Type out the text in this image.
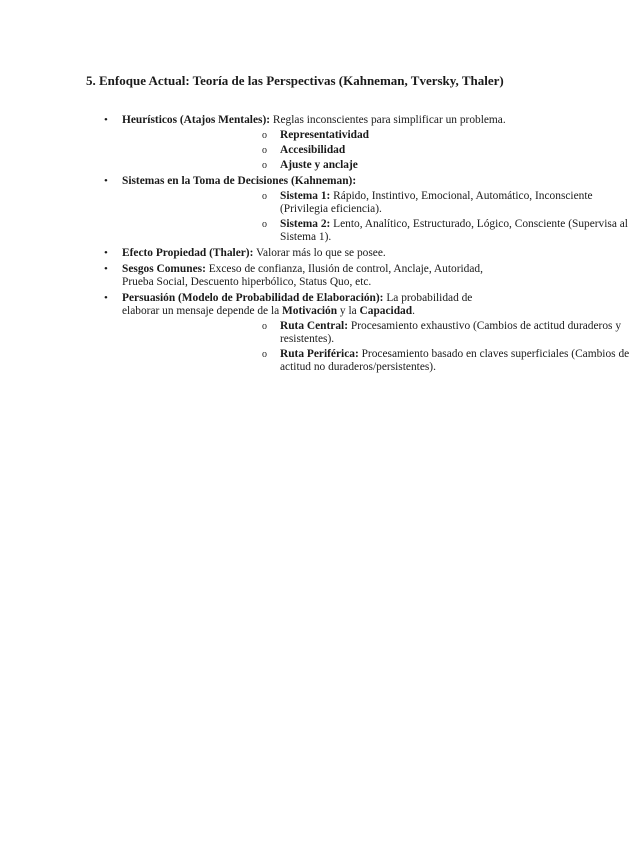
5. Enfoque Actual: Teoría de las Perspectivas (Kahneman, Tversky, Thaler)
• Heurísticos (Atajos Mentales): Reglas inconscientes para simplificar un problema.
o Representatividad
o Accesibilidad
o Ajuste y anclaje
• Sistemas en la Toma de Decisiones (Kahneman):
o Sistema 1: Rápido, Instintivo, Emocional, Automático, Inconsciente (Privilegia eficiencia).
o Sistema 2: Lento, Analítico, Estructurado, Lógico, Consciente (Supervisa al Sistema 1).
• Efecto Propiedad (Thaler): Valorar más lo que se posee.
• Sesgos Comunes: Exceso de confianza, Ilusión de control, Anclaje, Autoridad, Prueba Social, Descuento hiperbólico, Status Quo, etc.
• Persuasión (Modelo de Probabilidad de Elaboración): La probabilidad de elaborar un mensaje depende de la Motivación y la Capacidad.
o Ruta Central: Procesamiento exhaustivo (Cambios de actitud duraderos y resistentes).
o Ruta Periférica: Procesamiento basado en claves superficiales (Cambios de actitud no duraderos/persistentes).
